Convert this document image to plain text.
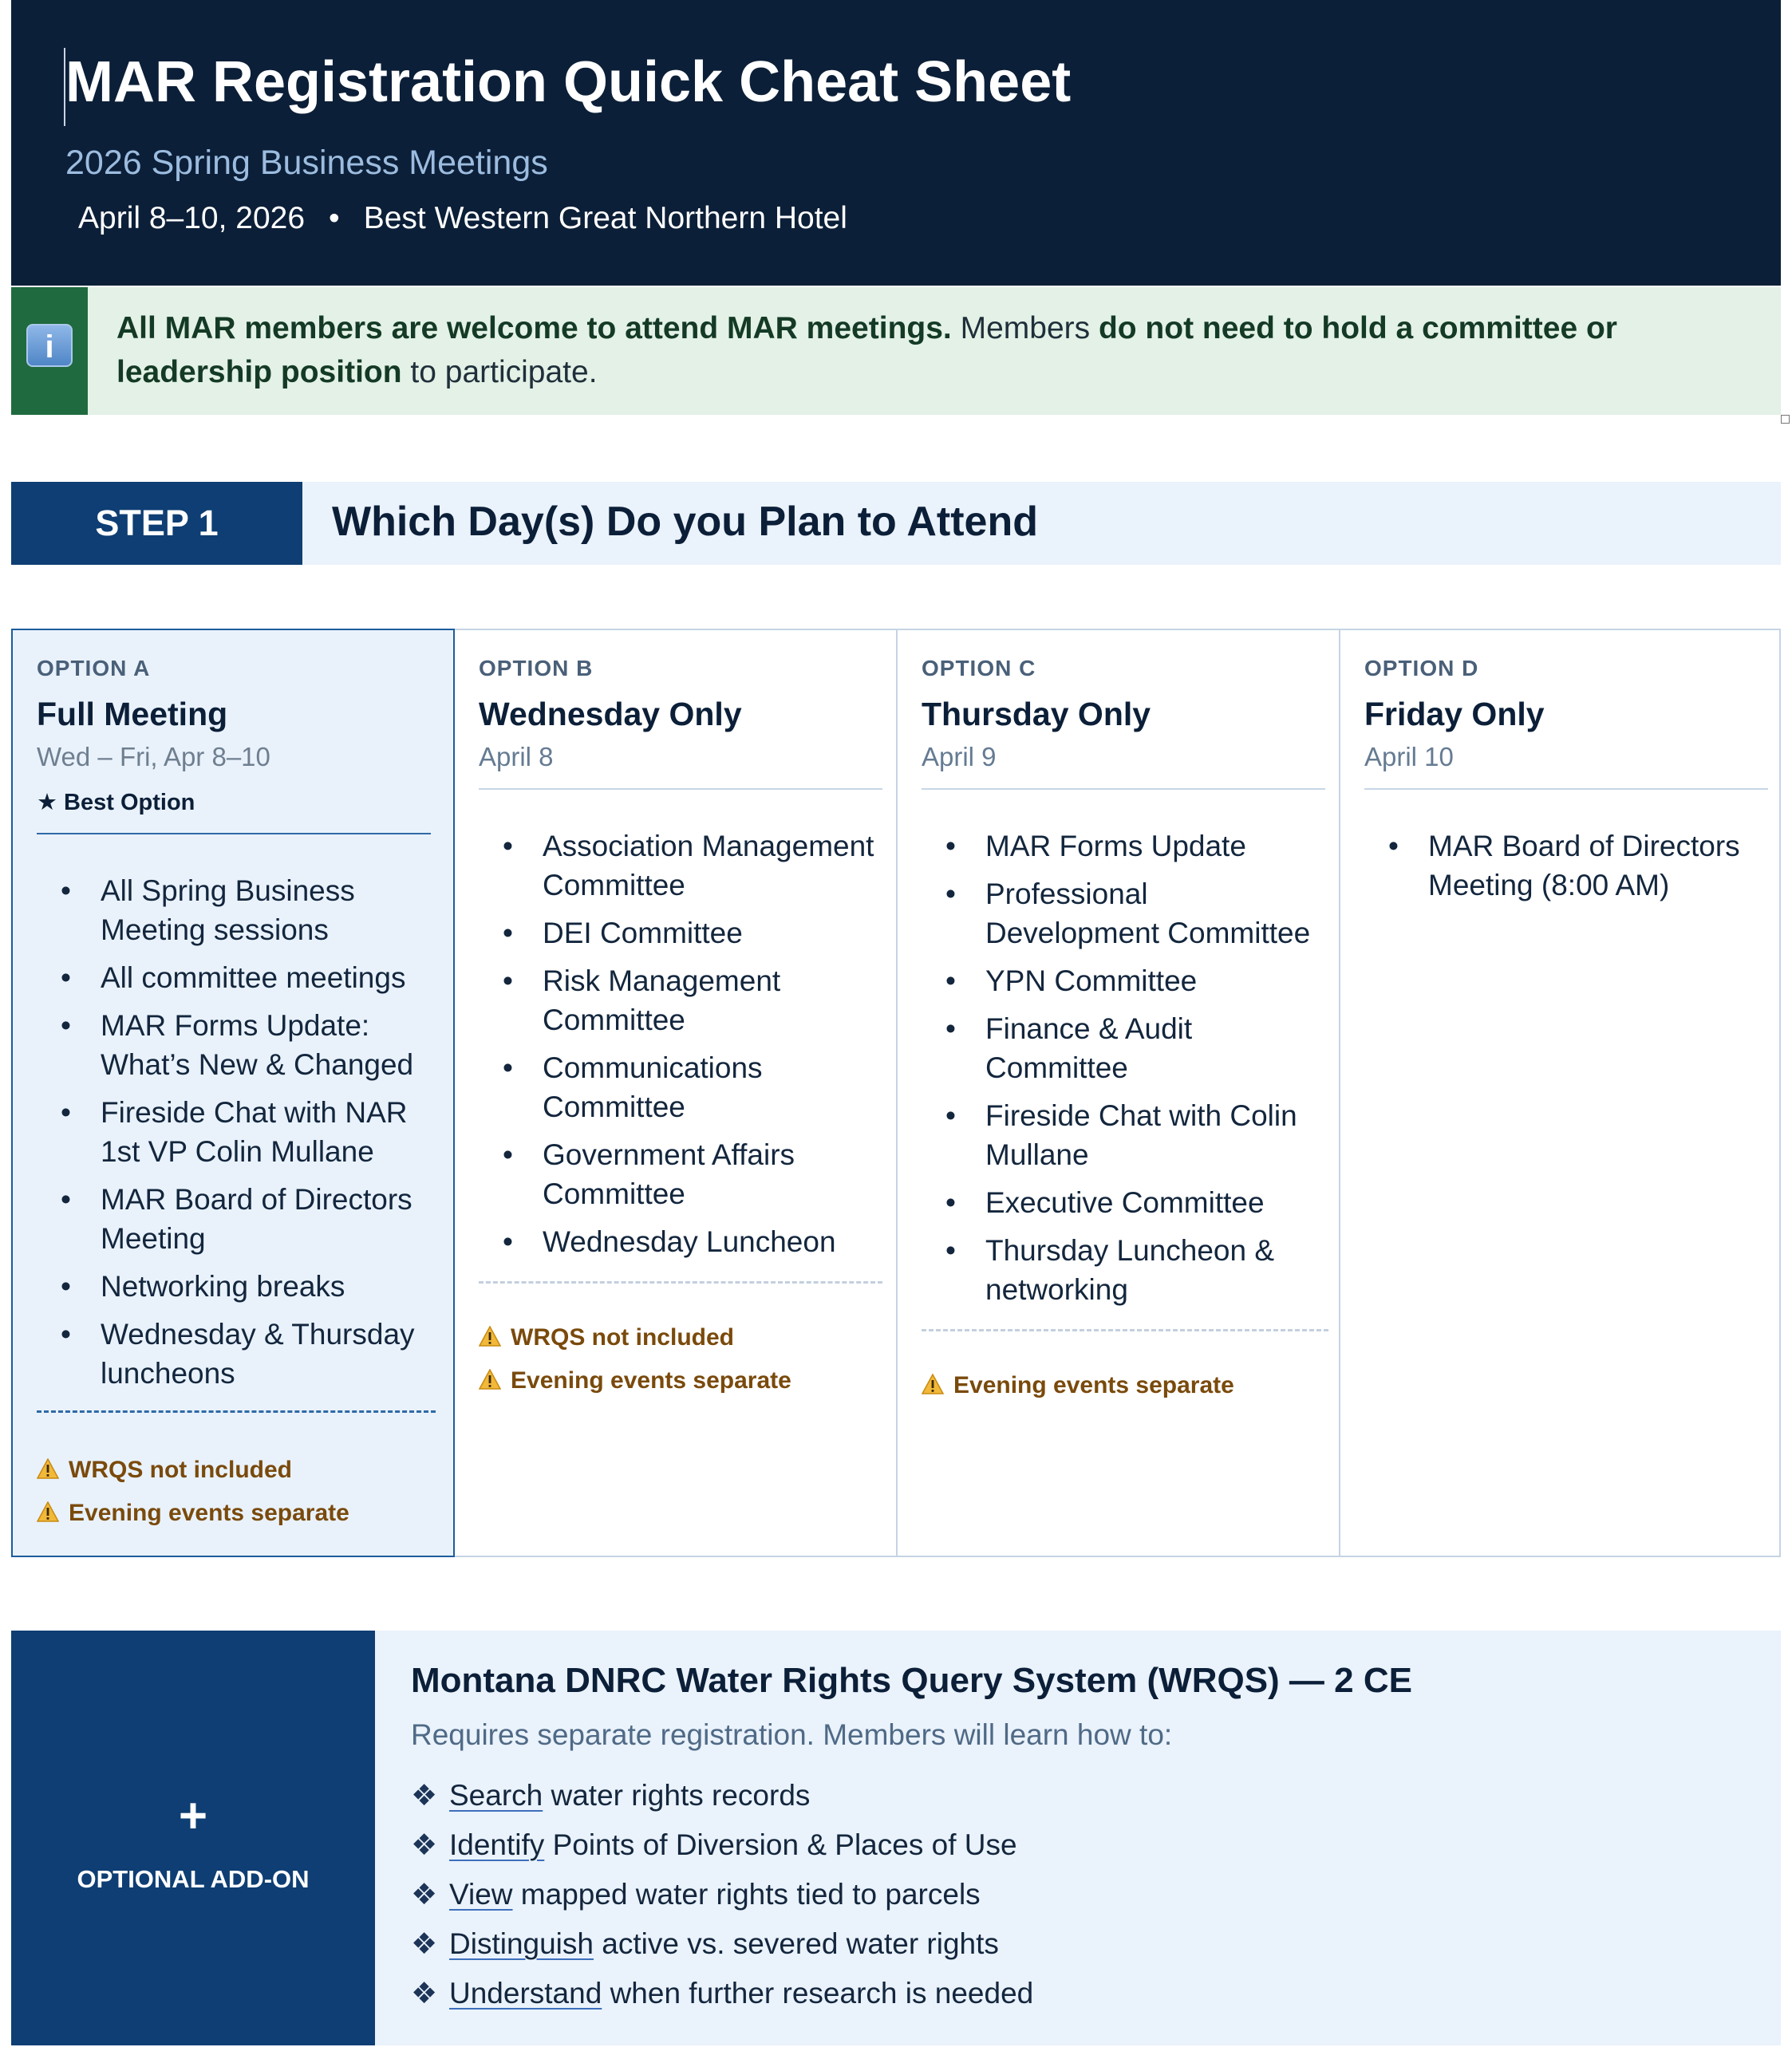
MAR Registration Quick Cheat Sheet
2026 Spring Business Meetings
April 8–10, 2026 • Best Western Great Northern Hotel
i
All MAR members are welcome to attend MAR meetings. Members do not need to hold a committee or leadership position to participate.
STEP 1	Which Day(s) Do you Plan to Attend
OPTION A
Full Meeting
Wed – Fri, Apr 8–10
★ Best Option
• All Spring Business Meeting sessions
• All committee meetings
• MAR Forms Update: What’s New & Changed
• Fireside Chat with NAR 1st VP Colin Mullane
• MAR Board of Directors Meeting
• Networking breaks
• Wednesday & Thursday luncheons
WRQS not included
Evening events separate
OPTION B
Wednesday Only
April 8
• Association Management Committee
• DEI Committee
• Risk Management Committee
• Communications Committee
• Government Affairs Committee
• Wednesday Luncheon
WRQS not included
Evening events separate
OPTION C
Thursday Only
April 9
• MAR Forms Update
• Professional Development Committee
• YPN Committee
• Finance & Audit Committee
• Fireside Chat with Colin Mullane
• Executive Committee
• Thursday Luncheon & networking
Evening events separate
OPTION D
Friday Only
April 10
• MAR Board of Directors Meeting (8:00 AM)
+
OPTIONAL ADD-ON
Montana DNRC Water Rights Query System (WRQS) — 2 CE
Requires separate registration. Members will learn how to:
❖ Search water rights records
❖ Identify Points of Diversion & Places of Use
❖ View mapped water rights tied to parcels
❖ Distinguish active vs. severed water rights
❖ Understand when further research is needed
